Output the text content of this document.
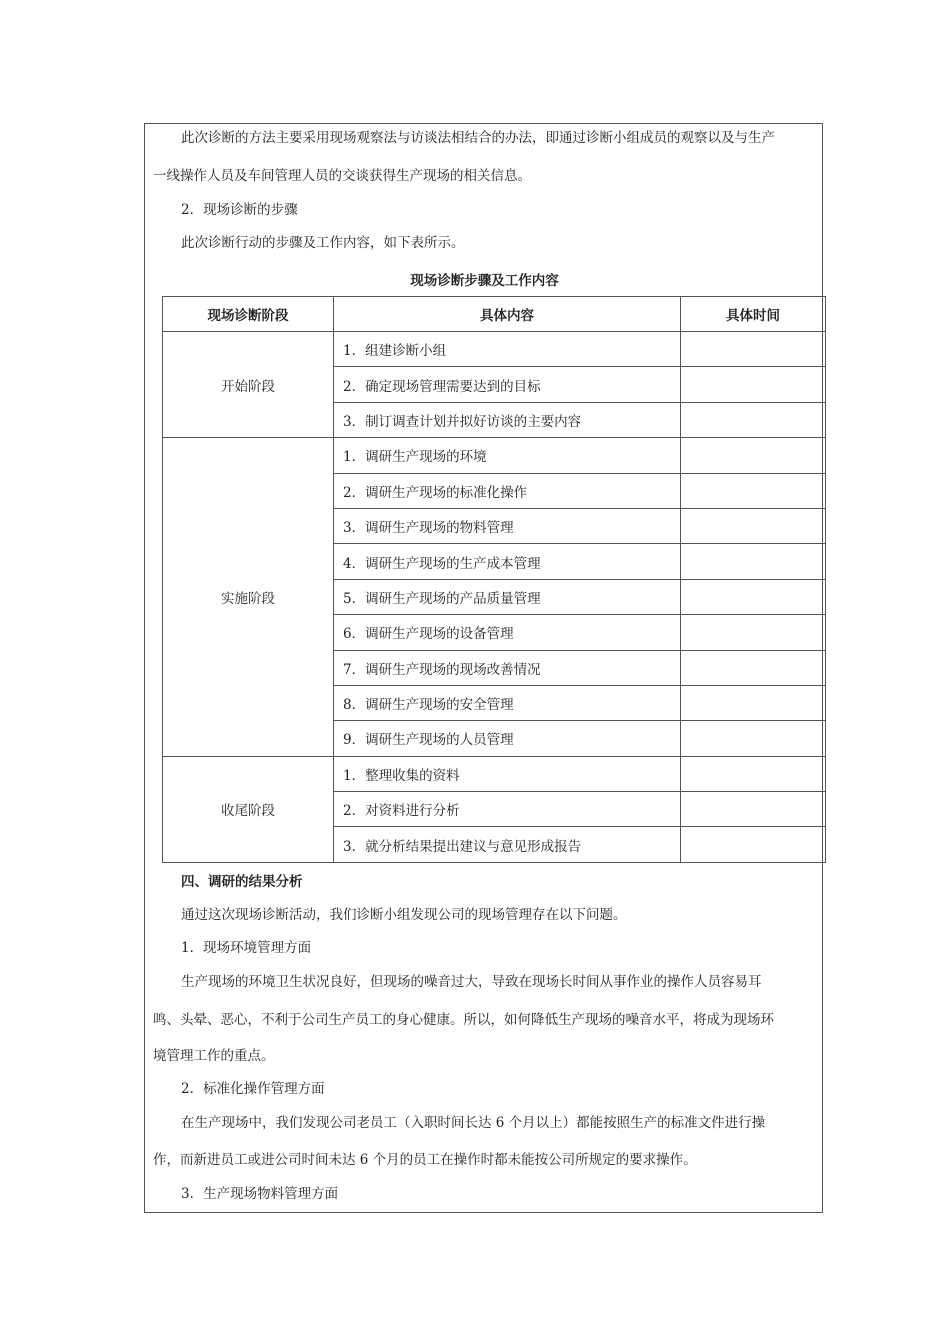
此次诊断的方法主要采用现场观察法与访谈法相结合的办法，即通过诊断小组成员的观察以及与生产
一线操作人员及车间管理人员的交谈获得生产现场的相关信息。
2．现场诊断的步骤
此次诊断行动的步骤及工作内容，如下表所示。
现场诊断步骤及工作内容
现场诊断阶段	具体内容	具体时间
开始阶段	1．组建诊断小组	
	2．确定现场管理需要达到的目标	
	3．制订调查计划并拟好访谈的主要内容	
实施阶段	1．调研生产现场的环境	
	2．调研生产现场的标准化操作	
	3．调研生产现场的物料管理	
	4．调研生产现场的生产成本管理	
	5．调研生产现场的产品质量管理	
	6．调研生产现场的设备管理	
	7．调研生产现场的现场改善情况	
	8．调研生产现场的安全管理	
	9．调研生产现场的人员管理	
收尾阶段	1．整理收集的资料	
	2．对资料进行分析	
	3．就分析结果提出建议与意见形成报告	
四、调研的结果分析
通过这次现场诊断活动，我们诊断小组发现公司的现场管理存在以下问题。
1．现场环境管理方面
生产现场的环境卫生状况良好，但现场的噪音过大，导致在现场长时间从事作业的操作人员容易耳
鸣、头晕、恶心，不利于公司生产员工的身心健康。所以，如何降低生产现场的噪音水平，将成为现场环
境管理工作的重点。
2．标准化操作管理方面
在生产现场中，我们发现公司老员工（入职时间长达 6 个月以上）都能按照生产的标准文件进行操
作，而新进员工或进公司时间未达 6 个月的员工在操作时都未能按公司所规定的要求操作。
3．生产现场物料管理方面
